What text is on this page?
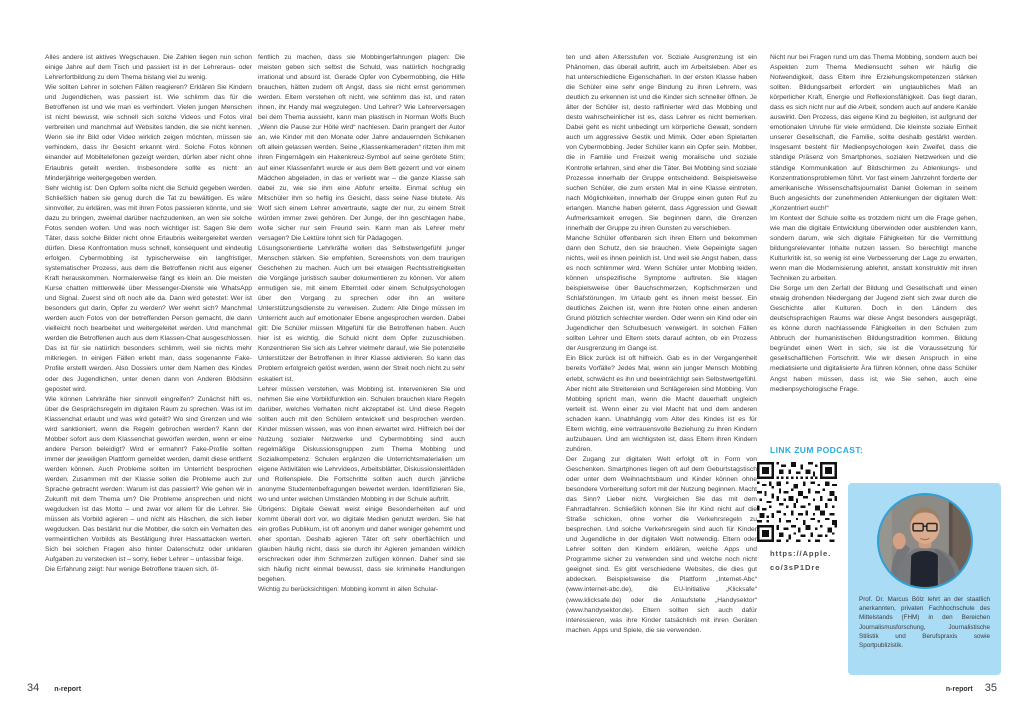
Alles andere ist aktives Wegschauen. Die Zahlen liegen nun schon einige Jahre auf dem Tisch und passiert ist in der Lehreraus- oder Lehrerfortbildung zu dem Thema bislang viel zu wenig.

Wie sollten Lehrer in solchen Fällen reagieren? Erklären Sie Kindern und Jugendlichen, was passiert ist. Wie schlimm das für die Betroffenen ist und wie man es verhindert. Vielen jungen Menschen ist nicht bewusst, wie schnell sich solche Videos und Fotos viral verbreiten und manchmal auf Websites landen, die sie nicht kennen. Wenn sie ihr Bild oder Video wirklich zeigen möchten, müssen sie verhindern, dass ihr Gesicht erkannt wird. Solche Fotos können einander auf Mobiltelefonen gezeigt werden, dürfen aber nicht ohne Erlaubnis geteilt werden. Insbesondere sollte es nicht an Minderjährige weitergegeben werden.

Sehr wichtig ist: Den Opfern sollte nicht die Schuld gegeben werden. Schließlich haben sie genug durch die Tat zu bewältigen. Es wäre sinnvoller, zu erklären, was mit ihren Fotos passieren könnte, und sie dazu zu bringen, zweimal darüber nachzudenken, an wen sie solche Fotos senden wollen. Und was noch wichtiger ist: Sagen Sie dem Täter, dass solche Bilder nicht ohne Erlaubnis weitergeleitet werden dürfen. Diese Konfrontation muss schnell, konsequent und eindeutig erfolgen. Cybermobbing ist typischerweise ein langfristiger, systematischer Prozess, aus dem die Betroffenen nicht aus eigener Kraft herauskommen. Normalerweise fängt es klein an. Die meisten Kurse chatten mittlerweile über Messenger-Dienste wie WhatsApp und Signal. Zuerst sind oft noch alle da. Dann wird getestet: Wer ist besonders gut darin, Opfer zu werden? Wer wehrt sich? Manchmal werden auch Fotos von der betreffenden Person gemacht, die dann vielleicht noch bearbeitet und weitergeleitet werden. Und manchmal werden die Betroffenen auch aus dem Klassen-Chat ausgeschlossen. Das ist für sie natürlich besonders schlimm, weil sie nichts mehr mitkriegen. In einigen Fällen erlebt man, dass sogenannte Fake-Profile erstellt werden. Also Dossiers unter dem Namen des Kindes oder des Jugendlichen, unter denen dann von Anderen Blödsinn gepostet wird.

Wie können Lehrkräfte hier sinnvoll eingreifen? Zunächst hilft es, über die Gesprächsregeln im digitalen Raum zu sprechen. Was ist im Klassenchat erlaubt und was wird geteilt? Wo sind Grenzen und wie wird sanktioniert, wenn die Regeln gebrochen werden? Kann der Mobber sofort aus dem Klassenchat geworfen werden, wenn er eine andere Person beleidigt? Wird er ermahnt? Fake-Profile sollten immer der jeweiligen Plattform gemeldet werden, damit diese entfernt werden können. Auch Probleme sollten im Unterricht besprochen werden. Zusammen mit der Klasse sollen die Probleme auch zur Sprache gebracht werden: Warum ist das passiert? Wie gehen wir in Zukunft mit dem Thema um? Die Probleme ansprechen und nicht wegducken ist das Motto – und zwar vor allem für die Lehrer. Sie müssen als Vorbild agieren – und nicht als Häschen, die sich lieber wegducken. Das bestärkt nur die Mobber, die solch ein Verhalten des vermeintlichen Vorbilds als Bestätigung ihrer Hassattacken werten. Sich bei solchen Fragen also hinter Datenschutz oder unklaren Aufgaben zu verstecken ist – sorry, lieber Lehrer – unfassbar feige.

Die Erfahrung zeigt: Nur wenige Betroffene trauen sich, öf-

fentlich zu machen, dass sie Mobbingerfahrungen plagen: Die meisten geben sich selbst die Schuld, was natürlich hochgradig irrational und absurd ist. Gerade Opfer von Cybermobbing, die Hilfe brauchen, hätten zudem oft Angst, dass sie nicht ernst genommen werden. Eltern verstehen oft nicht, wie schlimm das ist, und raten ihnen, ihr Handy mal wegzulegen. Und Lehrer? Wie Lehrerversagen bei dem Thema aussieht, kann man plastisch in Norman Wolfs Buch „Wenn die Pause zur Hölle wird“ nachlesen. Darin prangert der Autor an, wie Kinder mit den Monate oder Jahre andauernden Schikanen oft allein gelassen werden. Seine „Klassenkameraden“ ritzten ihm mit ihren Fingernägeln ein Hakenkreuz-Symbol auf seine gerötete Stirn; auf einer Klassenfahrt wurde er aus dem Bett gezerrt und vor einem Mädchen abgeladen, in das er verliebt war – die ganze Klasse sah dabei zu, wie sie ihm eine Abfuhr erteilte. Einmal schlug ein Mitschüler ihm so heftig ins Gesicht, dass seine Nase blutete. Als Wolf sich einem Lehrer anvertraute, sagte der nur, zu einem Streit würden immer zwei gehören. Der Junge, der ihn geschlagen habe, wolle sicher nur sein Freund sein. Kann man als Lehrer mehr versagen? Die Lektüre lohnt sich für Pädagogen.

Lösungsorientierte Lehrkräfte wollen das Selbstwertgefühl junger Menschen stärken. Sie empfehlen, Screenshots von dem traurigen Geschehen zu machen. Auch um bei etwaigen Rechtsstreitigkeiten die Vorgänge juristisch sauber dokumentieren zu können. Vor allem ermutigen sie, mit einem Elternteil oder einem Schulpsychologen über den Vorgang zu sprechen oder ihn an weitere Unterstützungsdienste zu verweisen. Zudem: Alle Dinge müssen im Unterricht auch auf emotionaler Ebene angesprochen werden. Dabei gilt: Die Schüler müssen Mitgefühl für die Betroffenen haben. Auch hier ist es wichtig, die Schuld nicht dem Opfer zuzuschieben. Konzentrieren Sie sich als Lehrer vielmehr darauf, wie Sie potenzielle Unterstützer der Betroffenen in Ihrer Klasse aktivieren. So kann das Problem erfolgreich gelöst werden, wenn der Streit noch nicht zu sehr eskaliert ist.

Lehrer müssen verstehen, was Mobbing ist. Intervenieren Sie und nehmen Sie eine Vorbildfunktion ein. Schulen brauchen klare Regeln darüber, welches Verhalten nicht akzeptabel ist. Und diese Regeln sollten auch mit den Schülern entwickelt und besprochen werden. Kinder müssen wissen, was von ihnen erwartet wird. Hilfreich bei der Nutzung sozialer Netzwerke und Cybermobbing sind auch regelmäßige Diskussionsgruppen zum Thema Mobbing und Sozialkompetenz. Schulen ergänzen die Unterrichtsmaterialien um eigene Aktivitäten wie Lehrvideos, Arbeitsblätter, Diskussionsleitfäden und Rollenspiele. Die Fortschritte sollten auch durch jährliche anonyme Studentenbefragungen bewertet werden. Identifizieren Sie, wo und unter welchen Umständen Mobbing in der Schule auftritt.

Übrigens: Digitale Gewalt weist einige Besonderheiten auf und kommt überall dort vor, wo digitale Medien genutzt werden. Sie hat ein großes Publikum, ist oft anonym und daher weniger gehemmt und eher spontan. Deshalb agieren Täter oft sehr oberflächlich und glauben häufig nicht, dass sie durch ihr Agieren jemanden wirklich erschrecken oder ihm Schmerzen zufügen können. Daher sind sie sich häufig nicht einmal bewusst, dass sie kriminelle Handlungen begehen.

Wichtig zu berücksichtigen: Mobbing kommt in allen Schular-

ten und allen Altersstufen vor. Soziale Ausgrenzung ist ein Phänomen, das überall auftritt, auch im Arbeitsleben. Aber es hat unterschiedliche Eigenschaften. In der ersten Klasse haben die Schüler eine sehr enge Bindung zu ihren Lehrern, was deutlich zu erkennen ist und die Kinder sich schneller öffnen. Je älter der Schüler ist, desto raffinierter wird das Mobbing und desto wahrscheinlicher ist es, dass Lehrer es nicht bemerken. Dabei geht es nicht unbedingt um körperliche Gewalt, sondern auch um aggressive Gestik und Mimik. Oder eben Spielarten von Cybermobbing. Jeder Schüler kann ein Opfer sein. Mobber, die in Familie und Freizeit wenig moralische und soziale Kontrolle erfahren, sind eher die Täter. Bei Mobbing sind soziale Prozesse innerhalb der Gruppe entscheidend. Beispielsweise suchen Schüler, die zum ersten Mal in eine Klasse eintreten, nach Möglichkeiten, innerhalb der Gruppe einen guten Ruf zu erlangen. Manche haben gelernt, dass Aggression und Gewalt Aufmerksamkeit erregen. Sie beginnen dann, die Grenzen innerhalb der Gruppe zu ihren Gunsten zu verschieben.

Manche Schüler offenbaren sich ihren Eltern und bekommen dann den Schutz, den sie brauchen. Viele Gepeinigte sagen nichts, weil es ihnen peinlich ist. Und weil sie Angst haben, dass es noch schlimmer wird. Wenn Schüler unter Mobbing leiden, können unspezifische Symptome auftreten. Sie klagen beispielsweise über Bauchschmerzen, Kopfschmerzen und Schlafstörungen. Im Urlaub geht es ihnen meist besser. Ein deutliches Zeichen ist, wenn ihre Noten ohne einen anderen Grund plötzlich schlechter werden. Oder wenn ein Kind oder ein Jugendlicher den Schulbesuch verweigert. In solchen Fällen sollten Lehrer und Eltern stets darauf achten, ob ein Prozess der Ausgrenzung im Gange ist.

Ein Blick zurück ist oft hilfreich. Gab es in der Vergangenheit bereits Vorfälle? Jedes Mal, wenn ein junger Mensch Mobbing erlebt, schwächt es ihn und beeinträchtigt sein Selbstwertgefühl. Aber nicht alle Streitereien und Schlägereien sind Mobbing. Von Mobbing spricht man, wenn die Macht dauerhaft ungleich verteilt ist. Wenn einer zu viel Macht hat und dem anderen schaden kann. Unabhängig vom Alter des Kindes ist es für Eltern wichtig, eine vertrauensvolle Beziehung zu ihren Kindern aufzubauen. Und am wichtigsten ist, dass Eltern ihren Kindern zuhören.

Der Zugang zur digitalen Welt erfolgt oft in Form von Geschenken. Smartphones liegen oft auf dem Geburtstagstisch oder unter dem Weihnachtsbaum und Kinder können ohne besondere Vorbereitung sofort mit der Nutzung beginnen. Macht das Sinn? Lieber nicht. Vergleichen Sie das mit dem Fahrradfahren. Schließlich können Sie Ihr Kind nicht auf die Straße schicken, ohne vorher die Verkehrsregeln zu besprechen. Und solche Verkehrsregeln sind auch für Kinder und Jugendliche in der digitalen Welt notwendig. Eltern oder Lehrer sollten den Kindern erklären, welche Apps und Programme sicher zu verwenden sind und welche noch nicht geeignet sind. Es gibt verschiedene Websites, die dies gut abdecken. Beispielsweise die Plattform „Internet-Abc“ (www.internet-abc.de), die EU-Initiative „Klicksafe“ (www.klicksafe.de) oder die Anlaufstelle „Handysektor“ (www.handysektor.de). Eltern sollten sich auch dafür interessieren, was ihre Kinder tatsächlich mit ihren Geräten machen. Apps und Spiele, die sie verwenden.

Nicht nur bei Fragen rund um das Thema Mobbing, sondern auch bei Aspekten zum Thema Mediensucht sehen wir häufig die Notwendigkeit, dass Eltern ihre Erziehungskompetenzen stärken sollten. Bildungsarbeit erfordert ein unglaubliches Maß an körperlicher Kraft, Energie und Reflexionsfähigkeit. Das liegt daran, dass es sich nicht nur auf die Arbeit, sondern auch auf andere Kanäle auswirkt. Den Prozess, das eigene Kind zu begleiten, ist aufgrund der emotionalen Unruhe für viele ermüdend. Die kleinste soziale Einheit unserer Gesellschaft, die Familie, sollte deshalb gestärkt werden. Insgesamt besteht für Medienpsychologen kein Zweifel, dass die ständige Präsenz von Smartphones, sozialen Netzwerken und die ständige Kommunikation auf Bildschirmen zu Ablenkungs- und Konzentrationsproblemen führt. Vor fast einem Jahrzehnt forderte der amerikanische Wissenschaftsjournalist Daniel Goleman in seinem Buch angesichts der zunehmenden Ablenkungen der digitalen Welt: „Konzentriert euch!“

Im Kontext der Schule sollte es trotzdem nicht um die Frage gehen, wie man die digitale Entwicklung überwinden oder ausblenden kann, sondern darum, wie sich digitale Fähigkeiten für die Vermittlung bildungsrelevanter Inhalte nutzen lassen. So berechtigt manche Kulturkritik ist, so wenig ist eine Verbesserung der Lage zu erwarten, wenn man die Modernisierung ablehnt, anstatt konstruktiv mit ihren Techniken zu arbeiten.

Die Sorge um den Zerfall der Bildung und Gesellschaft und einen etwaig drohenden Niedergang der Jugend zieht sich zwar durch die Geschichte aller Kulturen. Doch in den Ländern des deutschsprachigen Raums war diese Angst besonders ausgeprägt, es könne durch nachlassende Fähigkeiten in den Schulen zum Abbruch der humanistischen Bildungstradition kommen. Bildung begründet einen Wert in sich, sie ist die Voraussetzung für gesellschaftlichen Fortschritt. Wie wir diesen Anspruch in eine mediatisierte und digitalisierte Ära führen können, ohne dass Schüler Angst haben müssen, dass ist, wie Sie sehen, auch eine medienpsychologische Frage.

LINK ZUM PODCAST:
https://Apple.
co/3sP1Dre

Prof. Dr. Marcus Bölz lehrt an der staatlich anerkannten, privaten Fachhochschule des Mittelstands (FHM) in den Bereichen Journalismusforschung, Journalistische Stilistik und Berufspraxis sowie Sportpublizistik.

34 n-report	n-report 35
